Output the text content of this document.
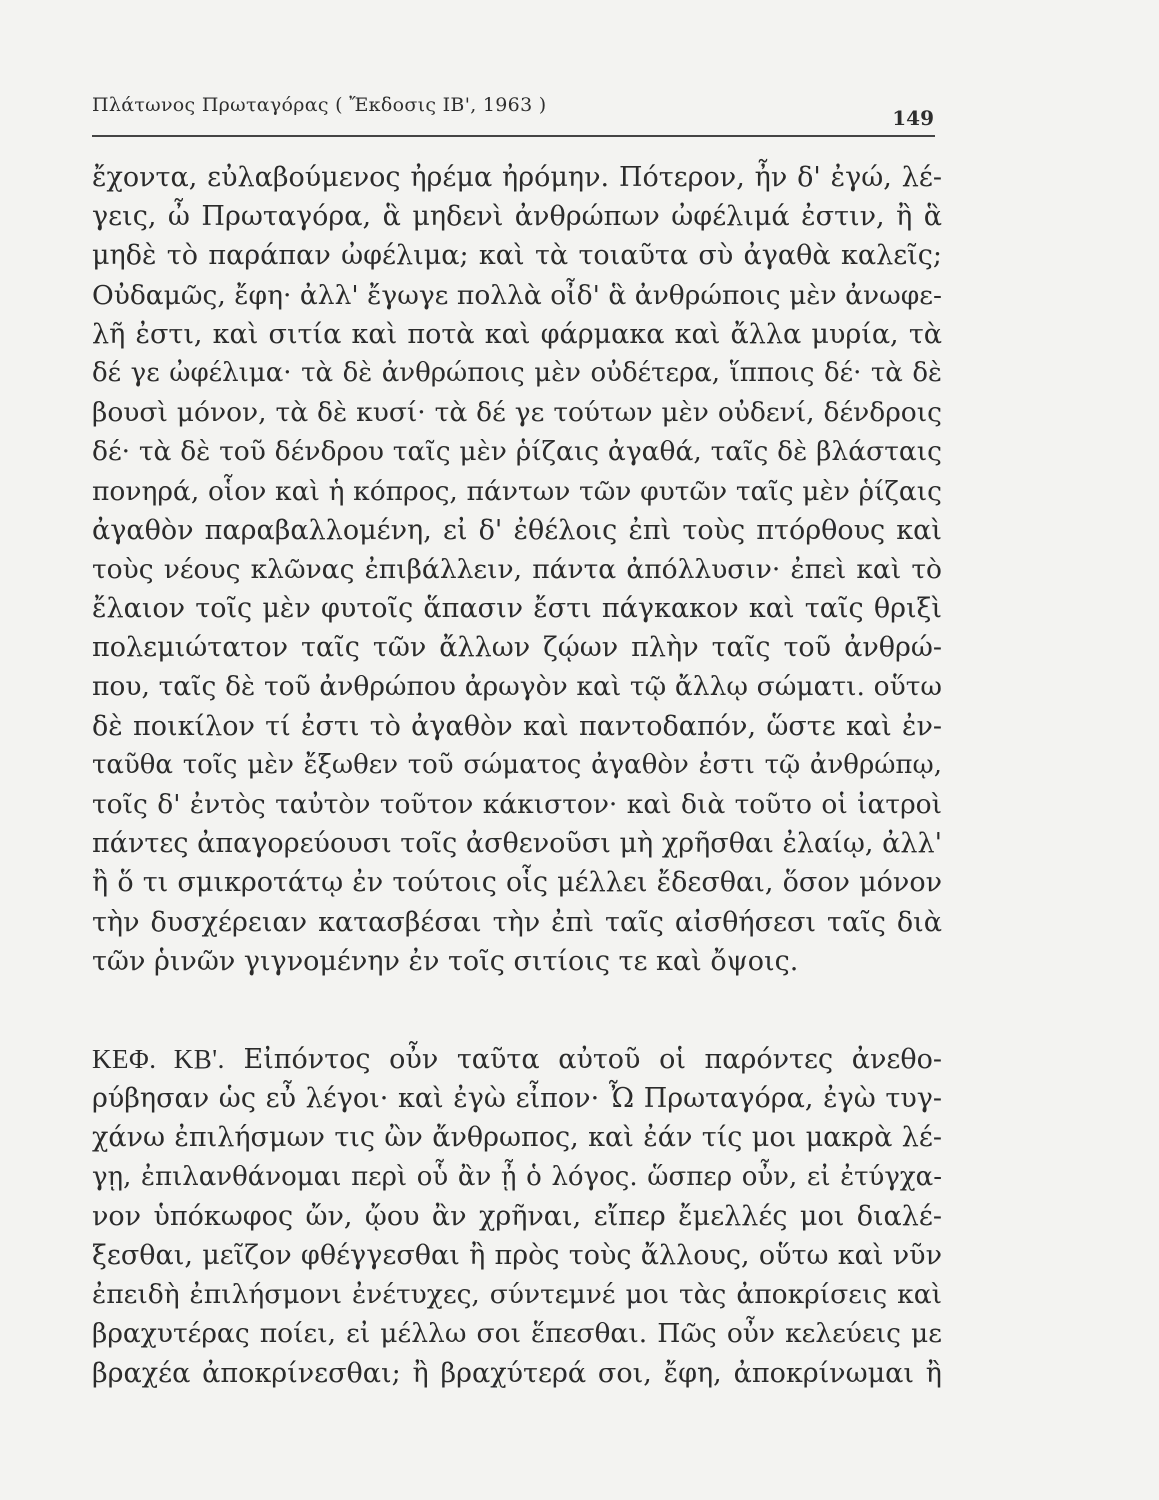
Πλάτωνος Πρωταγόρας ( Ἔκδοσις ΙΒ', 1963 )
149
ἔχοντα, εὐλαβούμενος ἠρέμα ἠρόμην. Πότερον, ἦν δ' ἐγώ, λέ-
γεις, ὦ Πρωταγόρα, ἃ μηδενὶ ἀνθρώπων ὠφέλιμά ἐστιν, ἢ ἃ
μηδὲ τὸ παράπαν ὠφέλιμα; καὶ τὰ τοιαῦτα σὺ ἀγαθὰ καλεῖς;
Οὐδαμῶς, ἔφη· ἀλλ' ἔγωγε πολλὰ οἶδ' ἃ ἀνθρώποις μὲν ἀνωφε-
λῆ ἐστι, καὶ σιτία καὶ ποτὰ καὶ φάρμακα καὶ ἄλλα μυρία, τὰ
δέ γε ὠφέλιμα· τὰ δὲ ἀνθρώποις μὲν οὐδέτερα, ἵπποις δέ· τὰ δὲ
βουσὶ μόνον, τὰ δὲ κυσί· τὰ δέ γε τούτων μὲν οὐδενί, δένδροις
δέ· τὰ δὲ τοῦ δένδρου ταῖς μὲν ῥίζαις ἀγαθά, ταῖς δὲ βλάσταις
πονηρά, οἷον καὶ ἡ κόπρος, πάντων τῶν φυτῶν ταῖς μὲν ῥίζαις
ἀγαθὸν παραβαλλομένη, εἰ δ' ἐθέλοις ἐπὶ τοὺς πτόρθους καὶ
τοὺς νέους κλῶνας ἐπιβάλλειν, πάντα ἀπόλλυσιν· ἐπεὶ καὶ τὸ
ἔλαιον τοῖς μὲν φυτοῖς ἅπασιν ἔστι πάγκακον καὶ ταῖς θριξὶ
πολεμιώτατον ταῖς τῶν ἄλλων ζῴων πλὴν ταῖς τοῦ ἀνθρώ-
που, ταῖς δὲ τοῦ ἀνθρώπου ἀρωγὸν καὶ τῷ ἄλλῳ σώματι. οὕτω
δὲ ποικίλον τί ἐστι τὸ ἀγαθὸν καὶ παντοδαπόν, ὥστε καὶ ἐν-
ταῦθα τοῖς μὲν ἔξωθεν τοῦ σώματος ἀγαθὸν ἐστι τῷ ἀνθρώπῳ,
τοῖς δ' ἐντὸς ταὐτὸν τοῦτον κάκιστον· καὶ διὰ τοῦτο οἱ ἰατροὶ
πάντες ἀπαγορεύουσι τοῖς ἀσθενοῦσι μὴ χρῆσθαι ἐλαίῳ, ἀλλ'
ἢ ὅ τι σμικροτάτῳ ἐν τούτοις οἷς μέλλει ἔδεσθαι, ὅσον μόνον
τὴν δυσχέρειαν κατασβέσαι τὴν ἐπὶ ταῖς αἰσθήσεσι ταῖς διὰ
τῶν ῥινῶν γιγνομένην ἐν τοῖς σιτίοις τε καὶ ὄψοις.
ΚΕΦ. ΚΒ'. Εἰπόντος οὖν ταῦτα αὐτοῦ οἱ παρόντες ἀνεθο-
ρύβησαν ὡς εὖ λέγοι· καὶ ἐγὼ εἶπον· Ὦ Πρωταγόρα, ἐγὼ τυγ-
χάνω ἐπιλήσμων τις ὢν ἄνθρωπος, καὶ ἐάν τίς μοι μακρὰ λέ-
γῃ, ἐπιλανθάνομαι περὶ οὗ ἂν ᾖ ὁ λόγος. ὥσπερ οὖν, εἰ ἐτύγχα-
νον ὑπόκωφος ὤν, ᾤου ἂν χρῆναι, εἴπερ ἔμελλές μοι διαλέ-
ξεσθαι, μεῖζον φθέγγεσθαι ἢ πρὸς τοὺς ἄλλους, οὕτω καὶ νῦν
ἐπειδὴ ἐπιλήσμονι ἐνέτυχες, σύντεμνέ μοι τὰς ἀποκρίσεις καὶ
βραχυτέρας ποίει, εἰ μέλλω σοι ἕπεσθαι. Πῶς οὖν κελεύεις με
βραχέα ἀποκρίνεσθαι; ἢ βραχύτερά σοι, ἔφη, ἀποκρίνωμαι ἢ
